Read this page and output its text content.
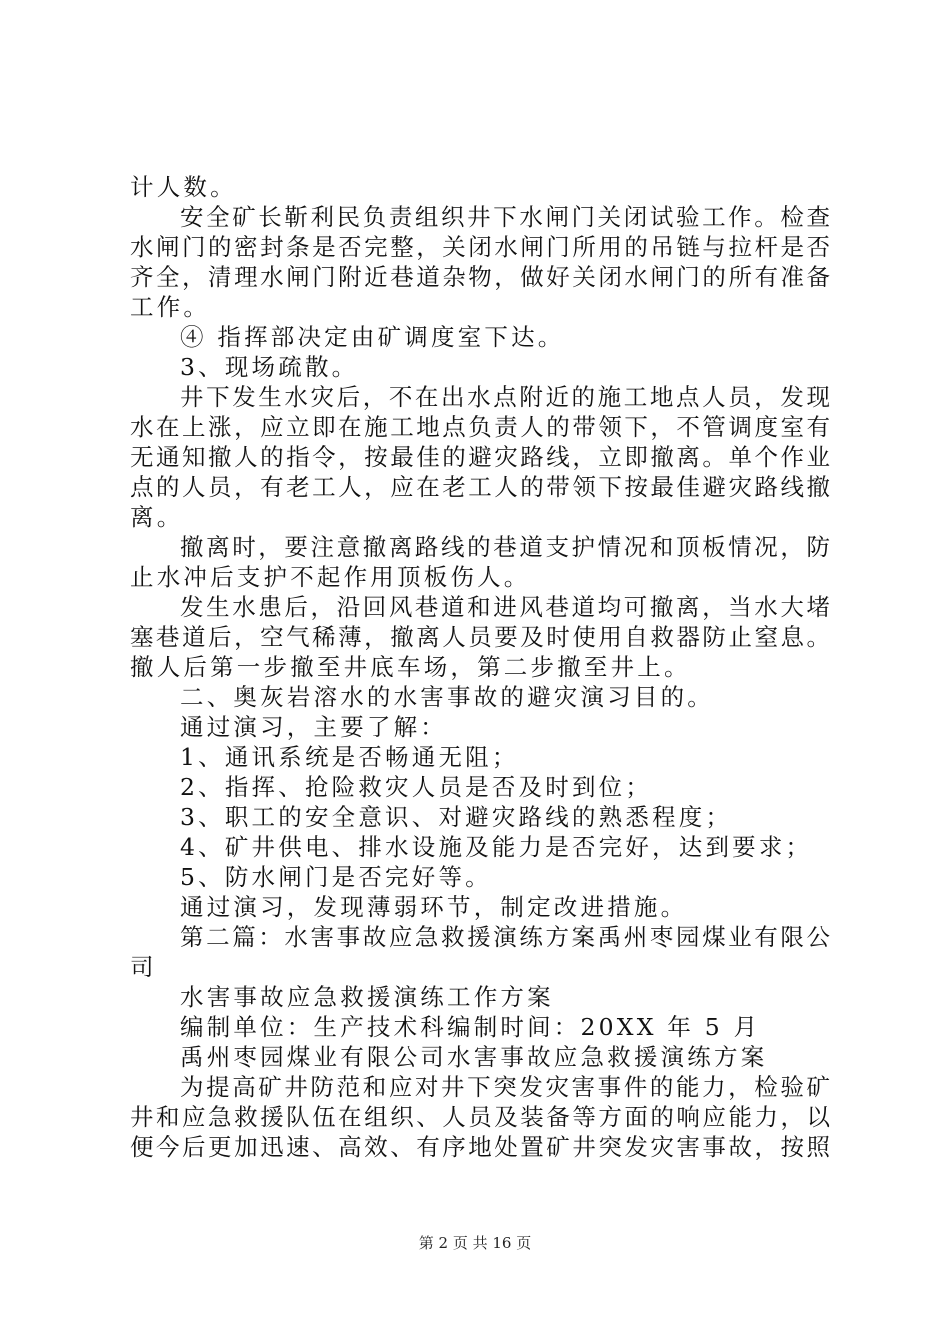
计人数。

安全矿长靳利民负责组织井下水闸门关闭试验工作。检查

水闸门的密封条是否完整，关闭水闸门所用的吊链与拉杆是否

齐全，清理水闸门附近巷道杂物，做好关闭水闸门的所有准备

工作。

④ 指挥部决定由矿调度室下达。

3、现场疏散。

井下发生水灾后，不在出水点附近的施工地点人员，发现

水在上涨，应立即在施工地点负责人的带领下，不管调度室有

无通知撤人的指令，按最佳的避灾路线，立即撤离。单个作业

点的人员，有老工人，应在老工人的带领下按最佳避灾路线撤

离。

撤离时，要注意撤离路线的巷道支护情况和顶板情况，防

止水冲后支护不起作用顶板伤人。

发生水患后，沿回风巷道和进风巷道均可撤离，当水大堵

塞巷道后，空气稀薄，撤离人员要及时使用自救器防止窒息。

撤人后第一步撤至井底车场，第二步撤至井上。

二、奥灰岩溶水的水害事故的避灾演习目的。

通过演习，主要了解：

1、通讯系统是否畅通无阻；

2、指挥、抢险救灾人员是否及时到位；

3、职工的安全意识、对避灾路线的熟悉程度；

4、矿井供电、排水设施及能力是否完好，达到要求；

5、防水闸门是否完好等。

通过演习，发现薄弱环节，制定改进措施。

第二篇：水害事故应急救援演练方案禹州枣园煤业有限公

司

水害事故应急救援演练工作方案

编制单位：生产技术科编制时间：20XX 年 5 月

禹州枣园煤业有限公司水害事故应急救援演练方案

为提高矿井防范和应对井下突发灾害事件的能力，检验矿

井和应急救援队伍在组织、人员及装备等方面的响应能力，以

便今后更加迅速、高效、有序地处置矿井突发灾害事故，按照

第 2 页 共 16 页
